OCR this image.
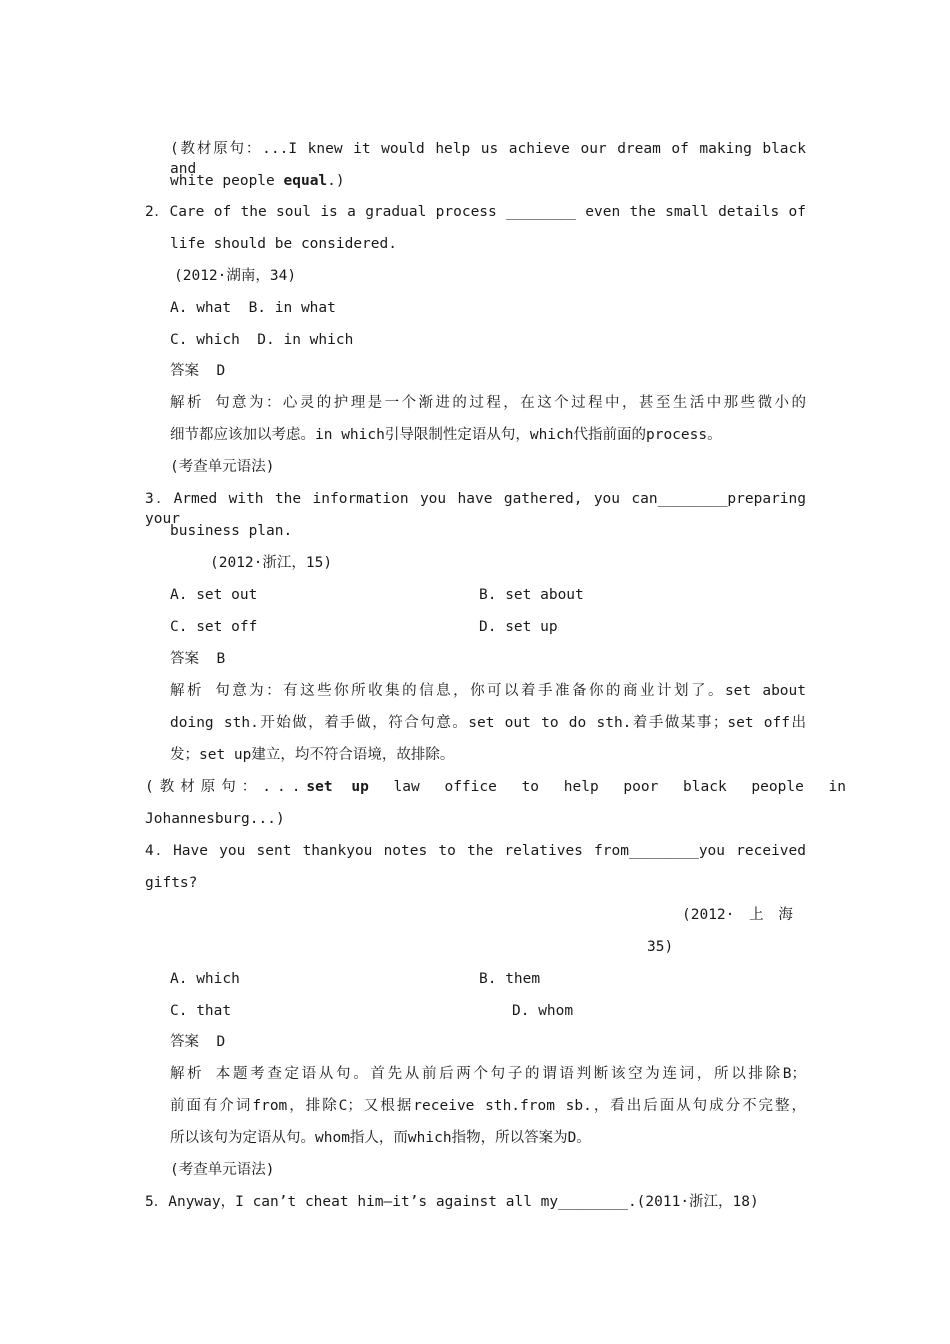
(教材原句：...I knew it would help us achieve our dream of making black and
white people equal.)
2．Care of the soul is a gradual process ________ even the small details of
life should be considered.
(2012·湖南，34)
A. what  B. in what
C. which  D. in which
答案  D
解析 句意为：心灵的护理是一个渐进的过程，在这个过程中，甚至生活中那些微小的
细节都应该加以考虑。in which引导限制性定语从句，which代指前面的process。
(考查单元语法)
3．Armed with the information you have gathered, you can________preparing your
business plan.
(2012·浙江，15)
A. set out	B. set about
C. set off	D. set up
答案  B
解析 句意为：有这些你所收集的信息，你可以着手准备你的商业计划了。set about
doing sth.开始做，着手做，符合句意。set out to do sth.着手做某事；set off出
发；set up建立，均不符合语境，故排除。
(教材原句：... set up law office to help poor black people in
Johannesburg...)
4．Have you sent thankyou notes to the relatives from________you received
gifts?
(2012· 上 海
35)
A. which	B. them
C. that	D. whom
答案  D
解析 本题考查定语从句。首先从前后两个句子的谓语判断该空为连词，所以排除B；
前面有介词from，排除C；又根据receive sth.from sb.，看出后面从句成分不完整，
所以该句为定语从句。whom指人，而which指物，所以答案为D。
(考查单元语法)
5．Anyway，I can’t cheat him—it’s against all my________.(2011·浙江，18)
